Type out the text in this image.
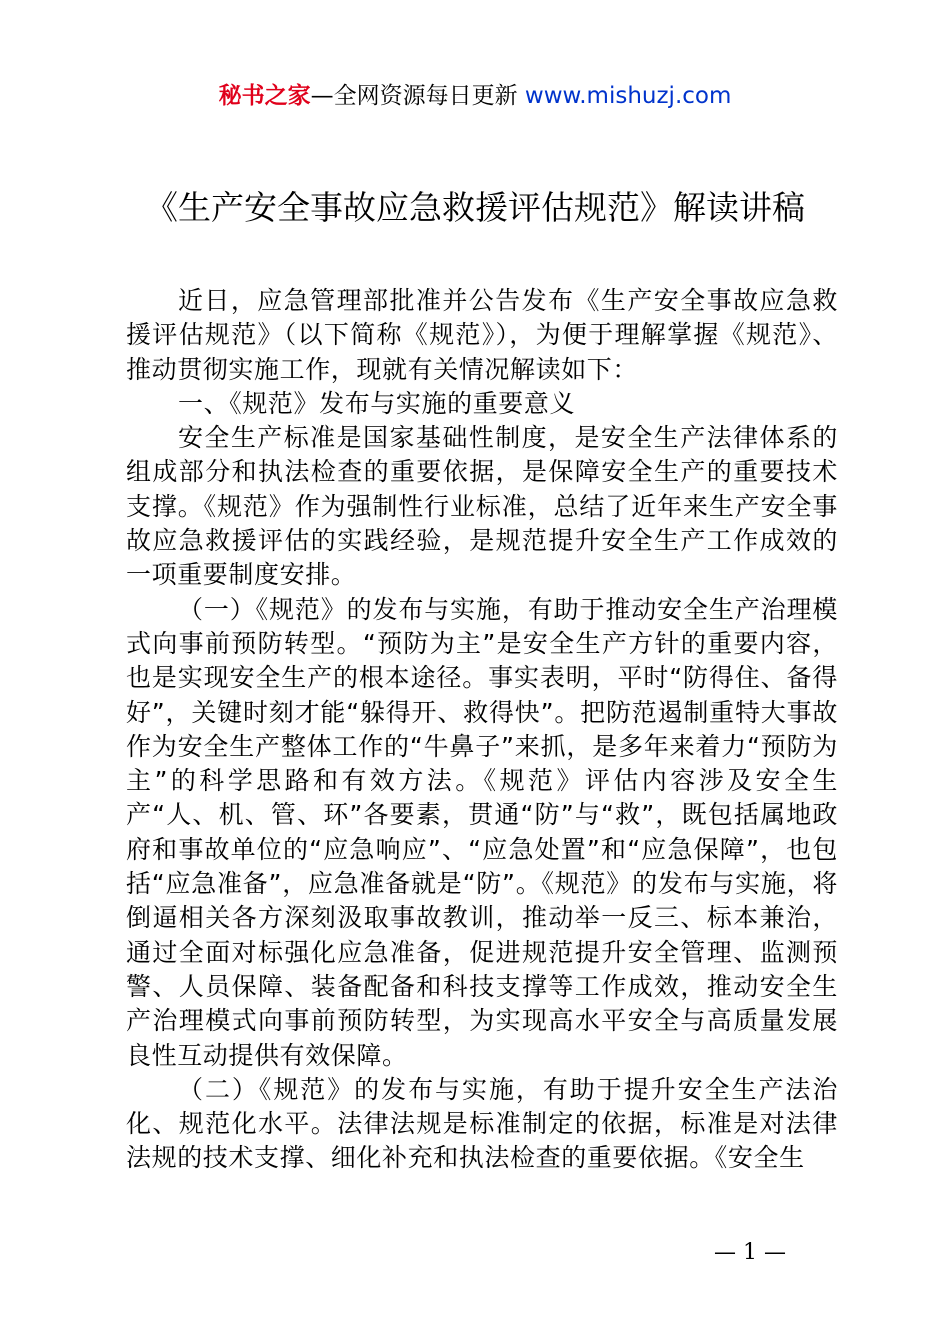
秘书之家—全网资源每日更新 www.mishuzj.com
《生产安全事故应急救援评估规范》解读讲稿

近日，应急管理部批准并公告发布《生产安全事故应急救援评估规范》（以下简称《规范》），为便于理解掌握《规范》、推动贯彻实施工作，现就有关情况解读如下：

一、《规范》发布与实施的重要意义

安全生产标准是国家基础性制度，是安全生产法律体系的组成部分和执法检查的重要依据，是保障安全生产的重要技术支撑。《规范》作为强制性行业标准，总结了近年来生产安全事故应急救援评估的实践经验，是规范提升安全生产工作成效的一项重要制度安排。

（一）《规范》的发布与实施，有助于推动安全生产治理模式向事前预防转型。“预防为主”是安全生产方针的重要内容，也是实现安全生产的根本途径。事实表明，平时“防得住、备得好”，关键时刻才能“躲得开、救得快”。把防范遏制重特大事故作为安全生产整体工作的“牛鼻子”来抓，是多年来着力“预防为主”的科学思路和有效方法。《规范》评估内容涉及安全生产“人、机、管、环”各要素，贯通“防”与“救”，既包括属地政府和事故单位的“应急响应”、“应急处置”和“应急保障”，也包括“应急准备”，应急准备就是“防”。《规范》的发布与实施，将倒逼相关各方深刻汲取事故教训，推动举一反三、标本兼治，通过全面对标强化应急准备，促进规范提升安全管理、监测预警、人员保障、装备配备和科技支撑等工作成效，推动安全生产治理模式向事前预防转型，为实现高水平安全与高质量发展良性互动提供有效保障。

（二）《规范》的发布与实施，有助于提升安全生产法治化、规范化水平。法律法规是标准制定的依据，标准是对法律法规的技术支撑、细化补充和执法检查的重要依据。《安全生

— 1 —
